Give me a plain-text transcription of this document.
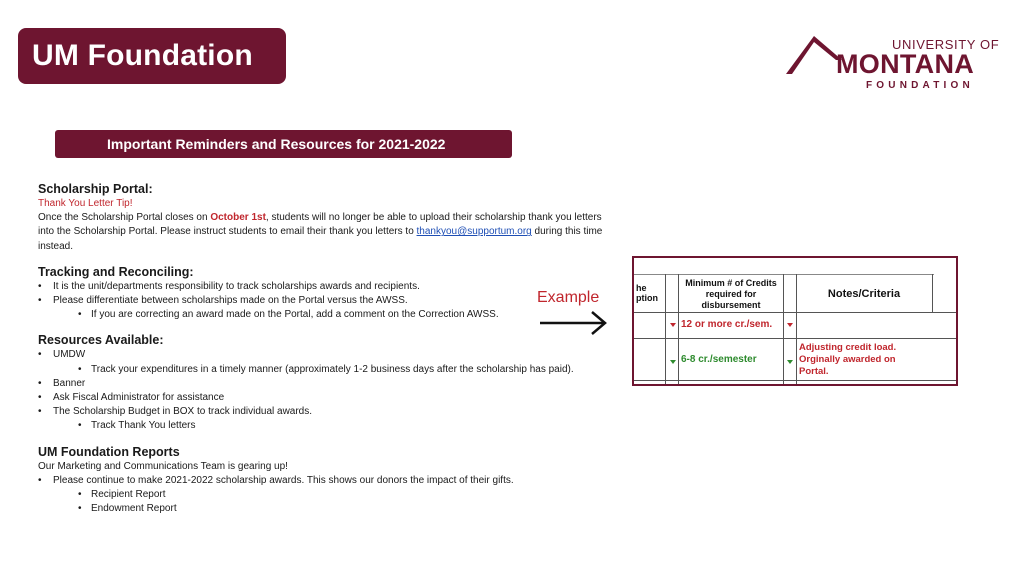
UM Foundation	UNIVERSITY OF
MONTANA
FOUNDATION
Important Reminders and Resources for 2021-2022
Scholarship Portal:
Thank You Letter Tip!
Once the Scholarship Portal closes on October 1st, students will no longer be able to upload their scholarship thank you letters into the Scholarship Portal. Please instruct students to email their thank you letters to thankyou@supportum.org during this time instead.
Tracking and Reconciling:
• It is the unit/departments responsibility to track scholarships awards and recipients.
• Please differentiate between scholarships made on the Portal versus the AWSS.
• If you are correcting an award made on the Portal, add a comment on the Correction AWSS.
Resources Available:
• UMDW
• Track your expenditures in a timely manner (approximately 1-2 business days after the scholarship has paid).
• Banner
• Ask Fiscal Administrator for assistance
• The Scholarship Budget in BOX to track individual awards.
• Track Thank You letters
UM Foundation Reports
Our Marketing and Communications Team is gearing up!
• Please continue to make 2021-2022 scholarship awards. This shows our donors the impact of their gifts.
• Recipient Report
• Endowment Report
Example
he
ption
Minimum # of Credits required for disbursement
Notes/Criteria
12 or more cr./sem.
6-8 cr./semester
Adjusting credit load. Orginally awarded on Portal.
